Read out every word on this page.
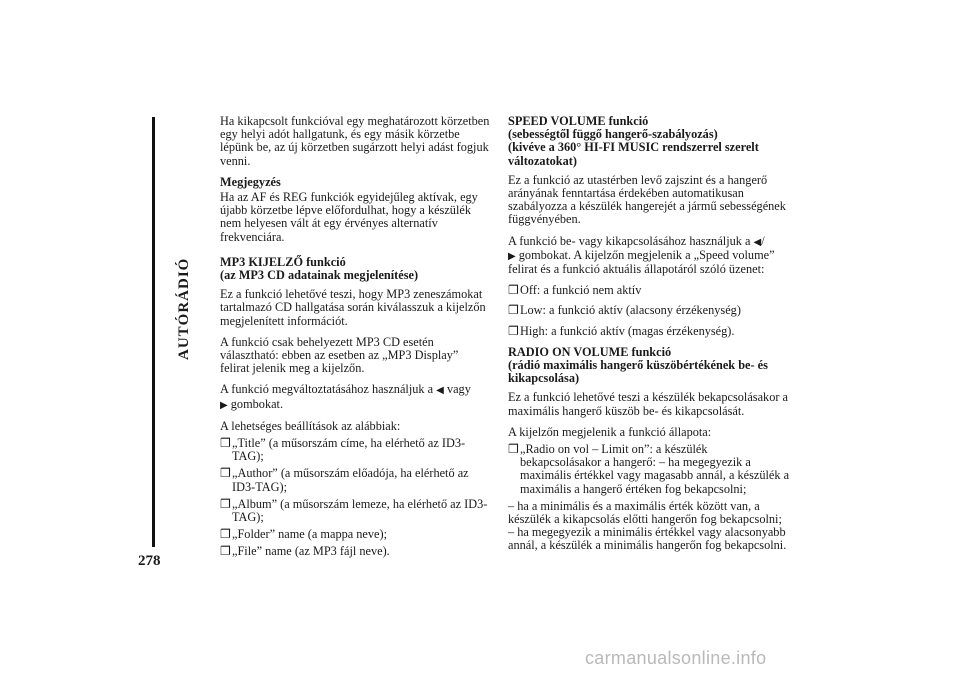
AUTÓRÁDIÓ
278

Ha kikapcsolt funkcióval egy meghatározott körzetben egy helyi adót hallgatunk, és egy másik körzetbe lépünk be, az új körzetben sugárzott helyi adást fogjuk venni.

Megjegyzés

Ha az AF és REG funkciók egyidejűleg aktívak, egy újabb körzetbe lépve előfordulhat, hogy a készülék nem helyesen vált át egy érvényes alternatív frekvenciára.

MP3 KIJELZŐ funkció
(az MP3 CD adatainak megjelenítése)

Ez a funkció lehetővé teszi, hogy MP3 zeneszámokat tartalmazó CD hallgatása során kiválasszuk a kijelzőn megjelenített információt.

A funkció csak behelyezett MP3 CD esetén választható: ebben az esetben az „MP3 Display” felirat jelenik meg a kijelzőn.

A funkció megváltoztatásához használjuk a ◀ vagy
▶ gombokat.

A lehetséges beállítások az alábbiak:

❒ „Title” (a műsorszám címe, ha elérhető az ID3-TAG);
❒ „Author” (a műsorszám előadója, ha elérhető az ID3-TAG);
❒ „Album” (a műsorszám lemeze, ha elérhető az ID3-TAG);
❒ „Folder” name (a mappa neve);
❒ „File” name (az MP3 fájl neve).
SPEED VOLUME funkció
(sebességtől függő hangerő-szabályozás)
(kivéve a 360° HI-FI MUSIC rendszerrel szerelt változatokat)

Ez a funkció az utastérben levő zajszint és a hangerő arányának fenntartása érdekében automatikusan szabályozza a készülék hangerejét a jármű sebességének függvényében.

A funkció be- vagy kikapcsolásához használjuk a ◀/
▶ gombokat. A kijelzőn megjelenik a „Speed volume” felirat és a funkció aktuális állapotáról szóló üzenet:

❒ Off: a funkció nem aktív
❒ Low: a funkció aktív (alacsony érzékenység)
❒ High: a funkció aktív (magas érzékenység).
RADIO ON VOLUME funkció
(rádió maximális hangerő küszöbértékének be- és kikapcsolása)

Ez a funkció lehetővé teszi a készülék bekapcsolásakor a maximális hangerő küszöb be- és kikapcsolását.

A kijelzőn megjelenik a funkció állapota:

❒ „Radio on vol – Limit on”: a készülék bekapcsolásakor a hangerő: – ha megegyezik a maximális értékkel vagy magasabb annál, a készülék a maximális a hangerő értéken fog bekapcsolni;

– ha a minimális és a maximális érték között van, a készülék a kikapcsolás előtti hangerőn fog bekapcsolni;

– ha megegyezik a minimális értékkel vagy alacsonyabb annál, a készülék a minimális hangerőn fog bekapcsolni.

carmanualsonline.info
